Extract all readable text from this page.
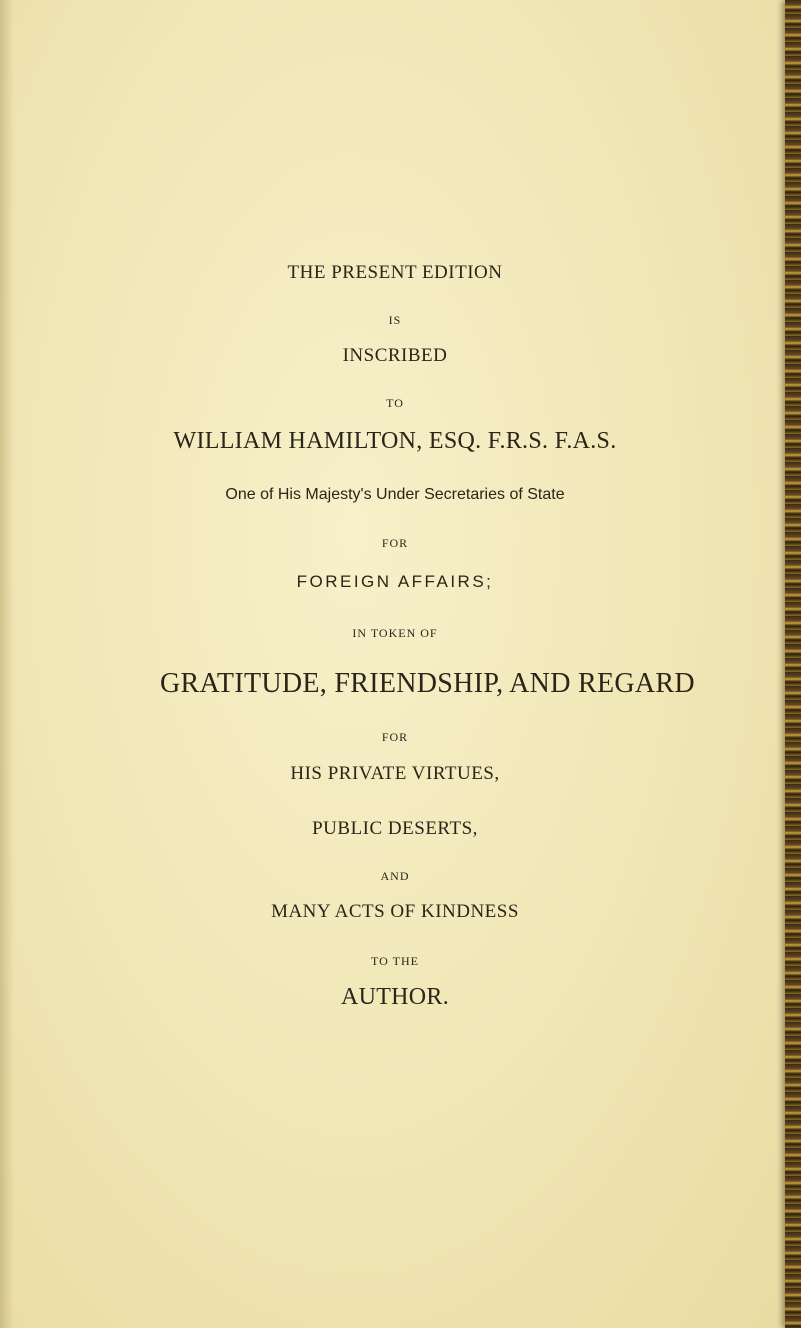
THE PRESENT EDITION
IS
INSCRIBED
TO
WILLIAM HAMILTON, ESQ. F.R.S. F.A.S.
One of His Majesty's Under Secretaries of State
FOR
FOREIGN AFFAIRS;
IN TOKEN OF
GRATITUDE, FRIENDSHIP, AND REGARD
FOR
HIS PRIVATE VIRTUES,
PUBLIC DESERTS,
AND
MANY ACTS OF KINDNESS
TO THE
AUTHOR.
